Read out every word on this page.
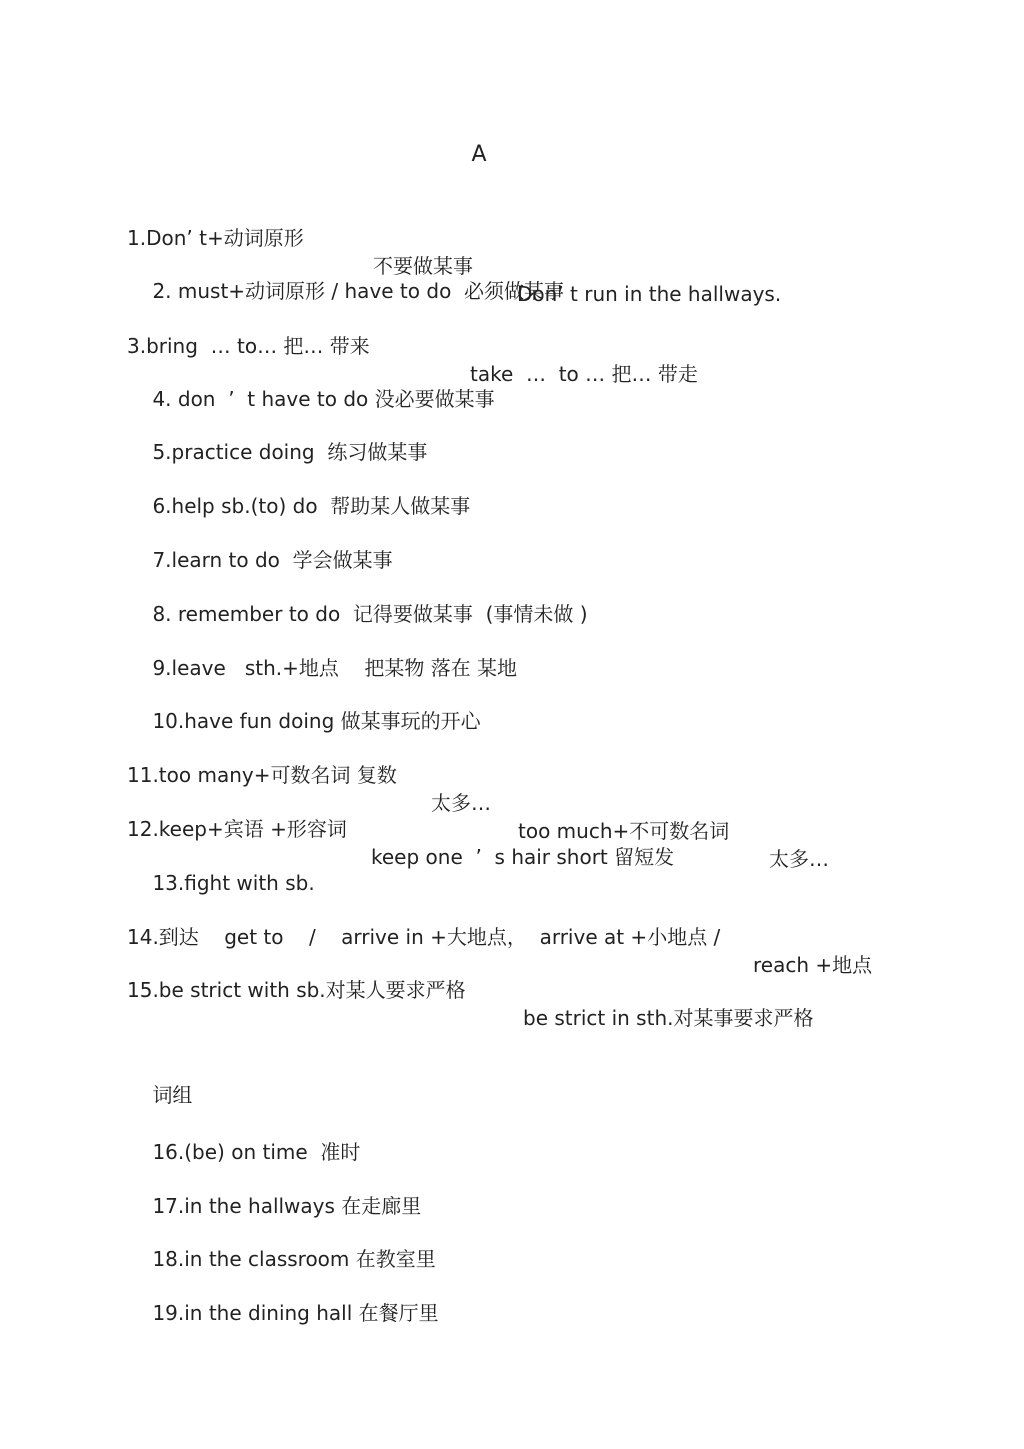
A

1.Don’ t+动词原形

不要做某事

Don’ t run in the hallways.

2. must+动词原形 / have to do  必须做某事

3.bring  … to… 把… 带来

take  …  to … 把… 带走

4. don  ’  t have to do 没必要做某事

5.practice doing  练习做某事

6.help sb.(to) do  帮助某人做某事

7.learn to do  学会做某事

8. remember to do  记得要做某事  (事情未做 )

9.leave   sth.+地点    把某物 落在 某地

10.have fun doing 做某事玩的开心

11.too many+可数名词 复数

太多…

too much+不可数名词

太多…

12.keep+宾语 +形容词

keep one  ’  s hair short 留短发

13.fight with sb.

14.到达    get to    /    arrive in +大地点，  arrive at +小地点 /

reach +地点

15.be strict with sb.对某人要求严格

be strict in sth.对某事要求严格

词组

16.(be) on time  准时

17.in the hallways 在走廊里

18.in the classroom 在教室里

19.in the dining hall 在餐厅里
